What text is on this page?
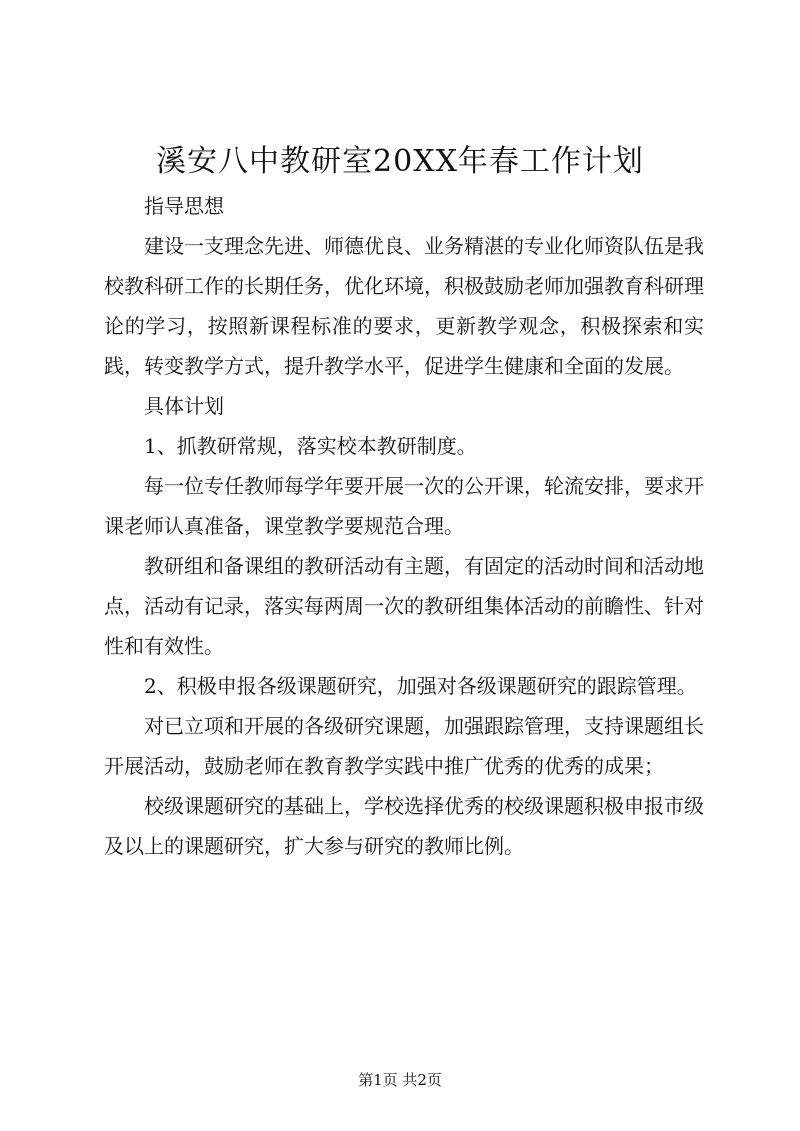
溪安八中教研室20XX年春工作计划

指导思想

建设一支理念先进、师德优良、业务精湛的专业化师资队伍是我校教科研工作的长期任务，优化环境，积极鼓励老师加强教育科研理论的学习，按照新课程标准的要求，更新教学观念，积极探索和实践，转变教学方式，提升教学水平，促进学生健康和全面的发展。

具体计划

1、抓教研常规，落实校本教研制度。

每一位专任教师每学年要开展一次的公开课，轮流安排，要求开课老师认真准备，课堂教学要规范合理。

教研组和备课组的教研活动有主题，有固定的活动时间和活动地点，活动有记录，落实每两周一次的教研组集体活动的前瞻性、针对性和有效性。

2、积极申报各级课题研究，加强对各级课题研究的跟踪管理。

对已立项和开展的各级研究课题，加强跟踪管理，支持课题组长开展活动，鼓励老师在教育教学实践中推广优秀的优秀的成果；

校级课题研究的基础上，学校选择优秀的校级课题积极申报市级及以上的课题研究，扩大参与研究的教师比例。

第1页 共2页
